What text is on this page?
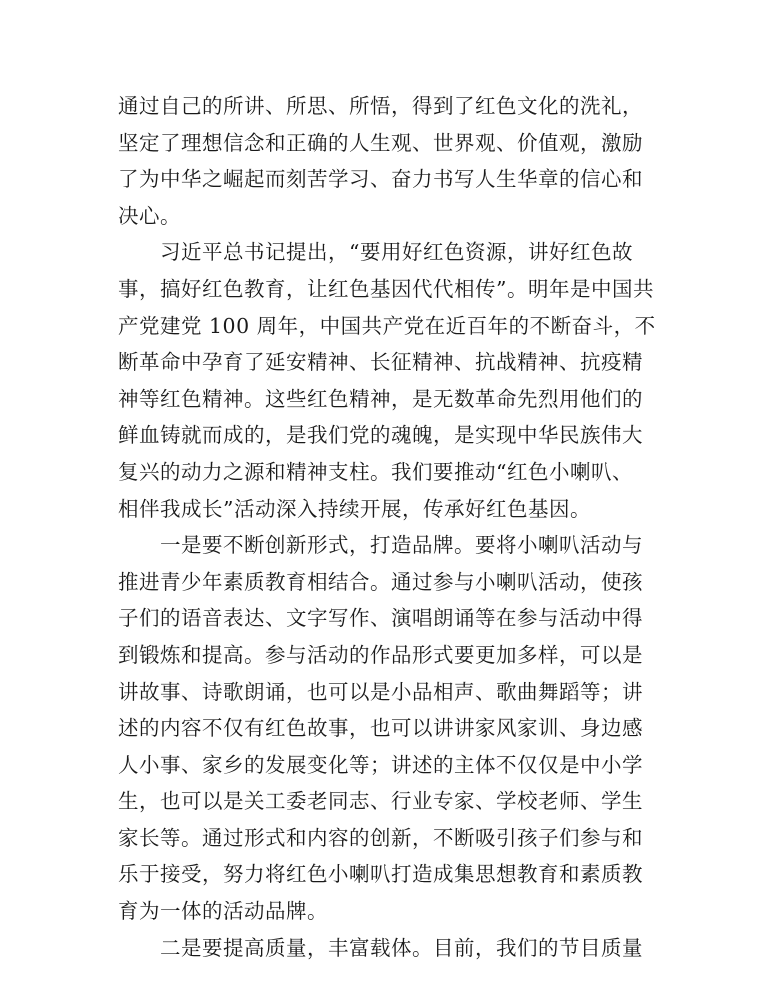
通过自己的所讲、所思、所悟，得到了红色文化的洗礼，
坚定了理想信念和正确的人生观、世界观、价值观，激励
了为中华之崛起而刻苦学习、奋力书写人生华章的信心和
决心。
习近平总书记提出，“要用好红色资源，讲好红色故
事，搞好红色教育，让红色基因代代相传”。明年是中国共
产党建党 100 周年，中国共产党在近百年的不断奋斗，不
断革命中孕育了延安精神、长征精神、抗战精神、抗疫精
神等红色精神。这些红色精神，是无数革命先烈用他们的
鲜血铸就而成的，是我们党的魂魄，是实现中华民族伟大
复兴的动力之源和精神支柱。我们要推动“红色小喇叭、
相伴我成长”活动深入持续开展，传承好红色基因。
一是要不断创新形式，打造品牌。要将小喇叭活动与
推进青少年素质教育相结合。通过参与小喇叭活动，使孩
子们的语音表达、文字写作、演唱朗诵等在参与活动中得
到锻炼和提高。参与活动的作品形式要更加多样，可以是
讲故事、诗歌朗诵，也可以是小品相声、歌曲舞蹈等；讲
述的内容不仅有红色故事，也可以讲讲家风家训、身边感
人小事、家乡的发展变化等；讲述的主体不仅仅是中小学
生，也可以是关工委老同志、行业专家、学校老师、学生
家长等。通过形式和内容的创新，不断吸引孩子们参与和
乐于接受，努力将红色小喇叭打造成集思想教育和素质教
育为一体的活动品牌。
二是要提高质量，丰富载体。目前，我们的节目质量
